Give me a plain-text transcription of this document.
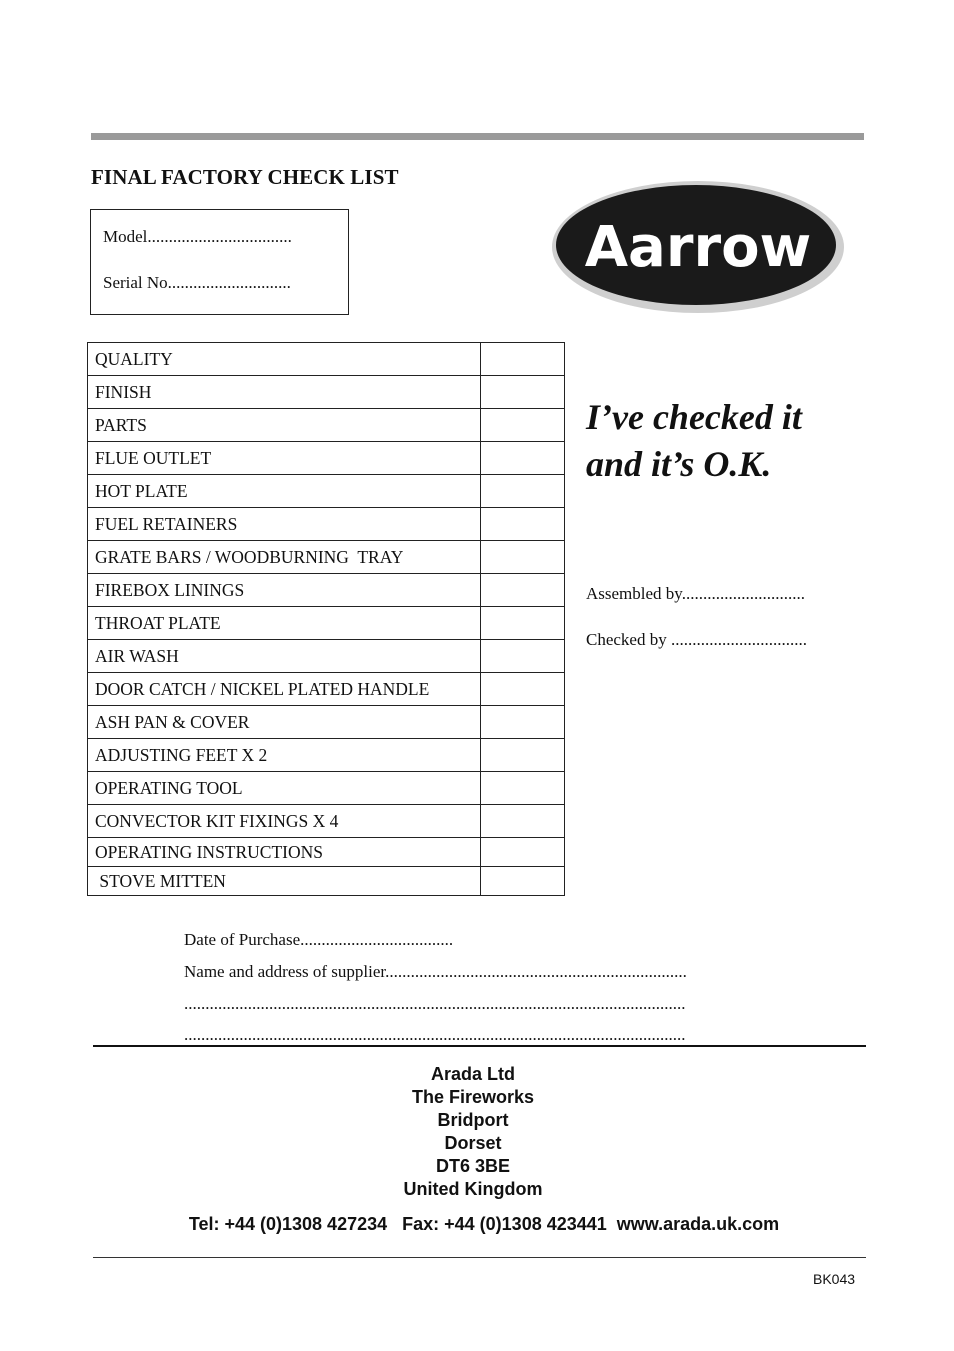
FINAL FACTORY CHECK LIST
Model..................................
Serial No.............................
Aarrow
QUALITY	
FINISH	
PARTS	
FLUE OUTLET	
HOT PLATE	
FUEL RETAINERS	
GRATE BARS / WOODBURNING  TRAY	
FIREBOX LININGS	
THROAT PLATE	
AIR WASH	
DOOR CATCH / NICKEL PLATED HANDLE	
ASH PAN & COVER	
ADJUSTING FEET X 2	
OPERATING TOOL	
CONVECTOR KIT FIXINGS X 4	
OPERATING INSTRUCTIONS	
STOVE MITTEN	
I’ve checked it
and it’s O.K.
Assembled by.............................
Checked by ................................
Date of Purchase....................................
Name and address of supplier.......................................................................
......................................................................................................................
......................................................................................................................
Arada Ltd
The Fireworks
Bridport
Dorset
DT6 3BE
United Kingdom
Tel: +44 (0)1308 427234   Fax: +44 (0)1308 423441  www.arada.uk.com
BK043
